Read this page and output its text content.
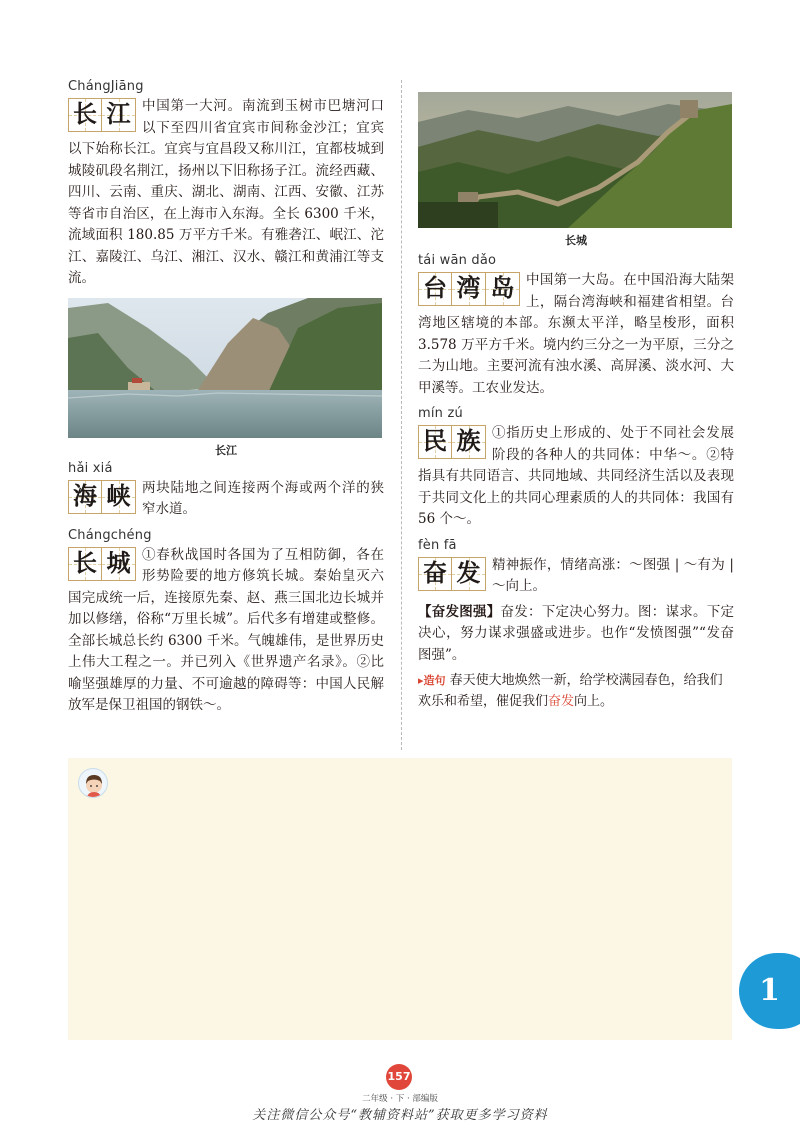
ChángJiāng
长 江 中国第一大河。南流到玉树市巴塘河口以下至四川省宜宾市间称金沙江；宜宾以下始称长江。宜宾与宜昌段又称川江，宜都枝城到城陵矶段名荆江，扬州以下旧称扬子江。流经西藏、四川、云南、重庆、湖北、湖南、江西、安徽、江苏等省市自治区，在上海市入东海。全长 6300 千米，流域面积 180.85 万平方千米。有雅砻江、岷江、沱江、嘉陵江、乌江、湘江、汉水、赣江和黄浦江等支流。

长江
hǎi xiá
海 峡 两块陆地之间连接两个海或两个洋的狭窄水道。

Chángchéng
长 城 ①春秋战国时各国为了互相防御，各在形势险要的地方修筑长城。秦始皇灭六国完成统一后，连接原先秦、赵、燕三国北边长城并加以修缮，俗称“万里长城”。后代多有增建或整修。全部长城总长约 6300 千米。气魄雄伟，是世界历史上伟大工程之一。并已列入《世界遗产名录》。②比喻坚强雄厚的力量、不可逾越的障碍等：中国人民解放军是保卫祖国的钢铁～。

长城
tái wān dǎo
台 湾 岛 中国第一大岛。在中国沿海大陆架上，隔台湾海峡和福建省相望。台湾地区辖境的本部。东濒太平洋，略呈梭形，面积 3.578 万平方千米。境内约三分之一为平原，三分之二为山地。主要河流有浊水溪、高屏溪、淡水河、大甲溪等。工农业发达。

mín zú
民 族 ①指历史上形成的、处于不同社会发展阶段的各种人的共同体：中华～。②特指具有共同语言、共同地域、共同经济生活以及表现于共同文化上的共同心理素质的人的共同体：我国有 56 个～。

fèn fā
奋 发 精神振作，情绪高涨：～图强 | ～有为 | ～向上。

【奋发图强】奋发：下定决心努力。图：谋求。下定决心，努力谋求强盛或进步。也作“发愤图强”“发奋图强”。

▸造句 春天使大地焕然一新，给学校满园春色，给我们欢乐和希望，催促我们奋发向上。

1
157
二年级 · 下 · 部编版
关注微信公众号“教辅资料站”获取更多学习资料
